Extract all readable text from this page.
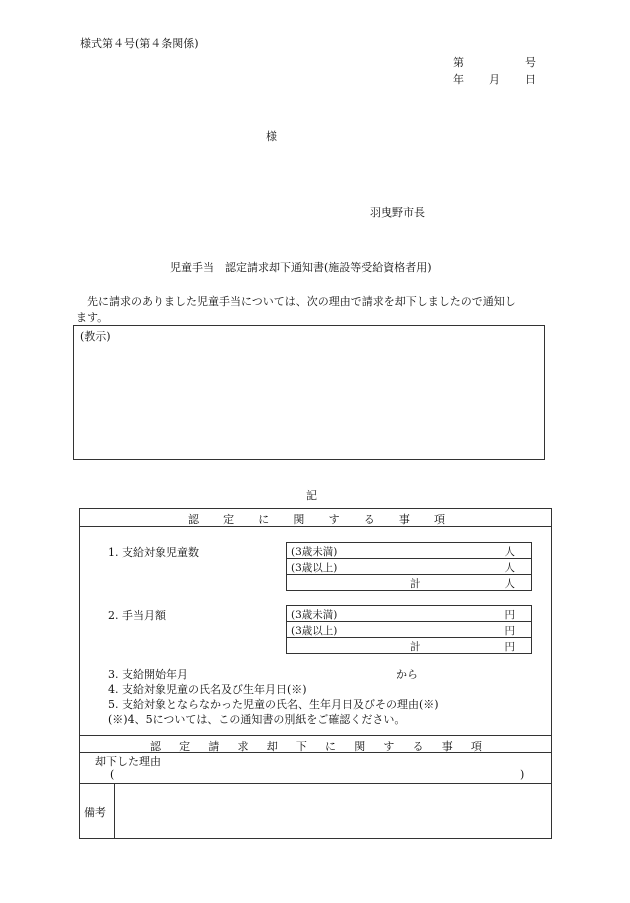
様式第４号(第４条関係)
第	号
年 月 日
様
羽曳野市長
児童手当　認定請求却下通知書(施設等受給資格者用)
　先に請求のありました児童手当については、次の理由で請求を却下しましたので通知し
ます。
(教示)
記
認 定 に 関 す る 事 項
1. 支給対象児童数	(3歳未満)	人
(3歳以上)	人
計	人
2. 手当月額	(3歳未満)	円
(3歳以上)	円
計	円
3. 支給開始年月	から
4. 支給対象児童の氏名及び生年月日(※)
5. 支給対象とならなかった児童の氏名、生年月日及びその理由(※)
(※)4、5については、この通知書の別紙をご確認ください。
認 定 請 求 却 下 に 関 す る 事 項
却下した理由
(	)
備考
